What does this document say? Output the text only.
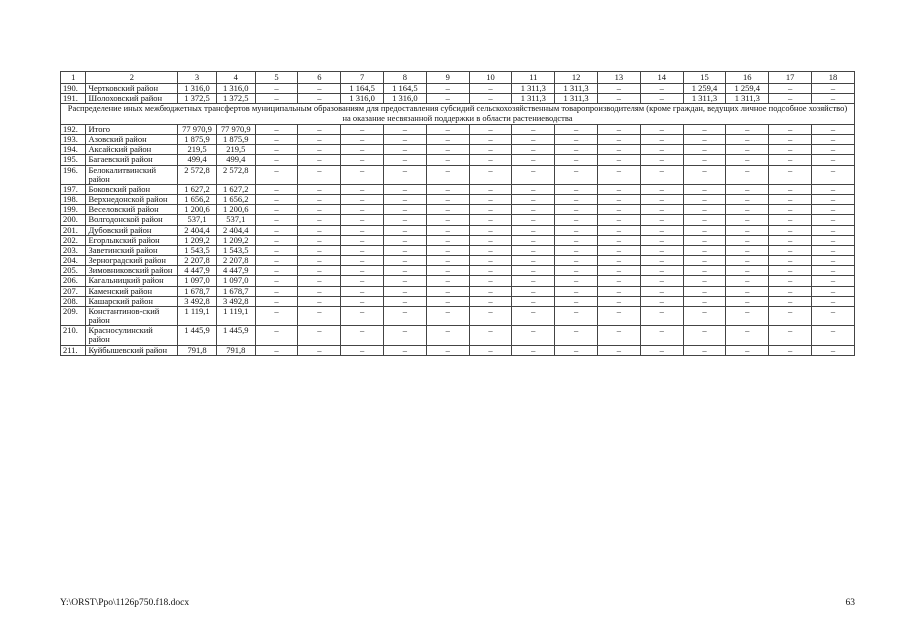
1	2	3	4	5	6	7	8	9	10	11	12	13	14	15	16	17	18
190.	Чертковский район	1 316,0	1 316,0	–	–	1 164,5	1 164,5	–	–	1 311,3	1 311,3	–	–	1 259,4	1 259,4	–	–
191.	Шолоховский район	1 372,5	1 372,5	–	–	1 316,0	1 316,0	–	–	1 311,3	1 311,3	–	–	1 311,3	1 311,3	–	–
Распределение иных межбюджетных трансфертов муниципальным образованиям для предоставления субсидий сельскохозяйственным товаропроизводителям (кроме граждан, ведущих личное подсобное хозяйство) на оказание несвязанной поддержки в области растениеводства																	
192.	Итого	77 970,9	77 970,9	–	–	–	–	–	–	–	–	–	–	–	–	–	–
193.	Азовский район	1 875,9	1 875,9	–	–	–	–	–	–	–	–	–	–	–	–	–	–
194.	Аксайский район	219,5	219,5	–	–	–	–	–	–	–	–	–	–	–	–	–	–
195.	Багаевский район	499,4	499,4	–	–	–	–	–	–	–	–	–	–	–	–	–	–
196.	Белокалитвинский район	2 572,8	2 572,8	–	–	–	–	–	–	–	–	–	–	–	–	–	–
197.	Боковский район	1 627,2	1 627,2	–	–	–	–	–	–	–	–	–	–	–	–	–	–
198.	Верхнедонской район	1 656,2	1 656,2	–	–	–	–	–	–	–	–	–	–	–	–	–	–
199.	Веселовский район	1 200,6	1 200,6	–	–	–	–	–	–	–	–	–	–	–	–	–	–
200.	Волгодонской район	537,1	537,1	–	–	–	–	–	–	–	–	–	–	–	–	–	–
201.	Дубовский район	2 404,4	2 404,4	–	–	–	–	–	–	–	–	–	–	–	–	–	–
202.	Егорлыкский район	1 209,2	1 209,2	–	–	–	–	–	–	–	–	–	–	–	–	–	–
203.	Заветинский район	1 543,5	1 543,5	–	–	–	–	–	–	–	–	–	–	–	–	–	–
204.	Зерноградский район	2 207,8	2 207,8	–	–	–	–	–	–	–	–	–	–	–	–	–	–
205.	Зимовниковский район	4 447,9	4 447,9	–	–	–	–	–	–	–	–	–	–	–	–	–	–
206.	Кагальницкий район	1 097,0	1 097,0	–	–	–	–	–	–	–	–	–	–	–	–	–	–
207.	Каменский район	1 678,7	1 678,7	–	–	–	–	–	–	–	–	–	–	–	–	–	–
208.	Кашарский район	3 492,8	3 492,8	–	–	–	–	–	–	–	–	–	–	–	–	–	–
209.	Константинов-ский район	1 119,1	1 119,1	–	–	–	–	–	–	–	–	–	–	–	–	–	–
210.	Красносулинский район	1 445,9	1 445,9	–	–	–	–	–	–	–	–	–	–	–	–	–	–
211.	Куйбышевский район	791,8	791,8	–	–	–	–	–	–	–	–	–	–	–	–	–	–
Y:\ORST\Ppo\1126p750.f18.docx	63
